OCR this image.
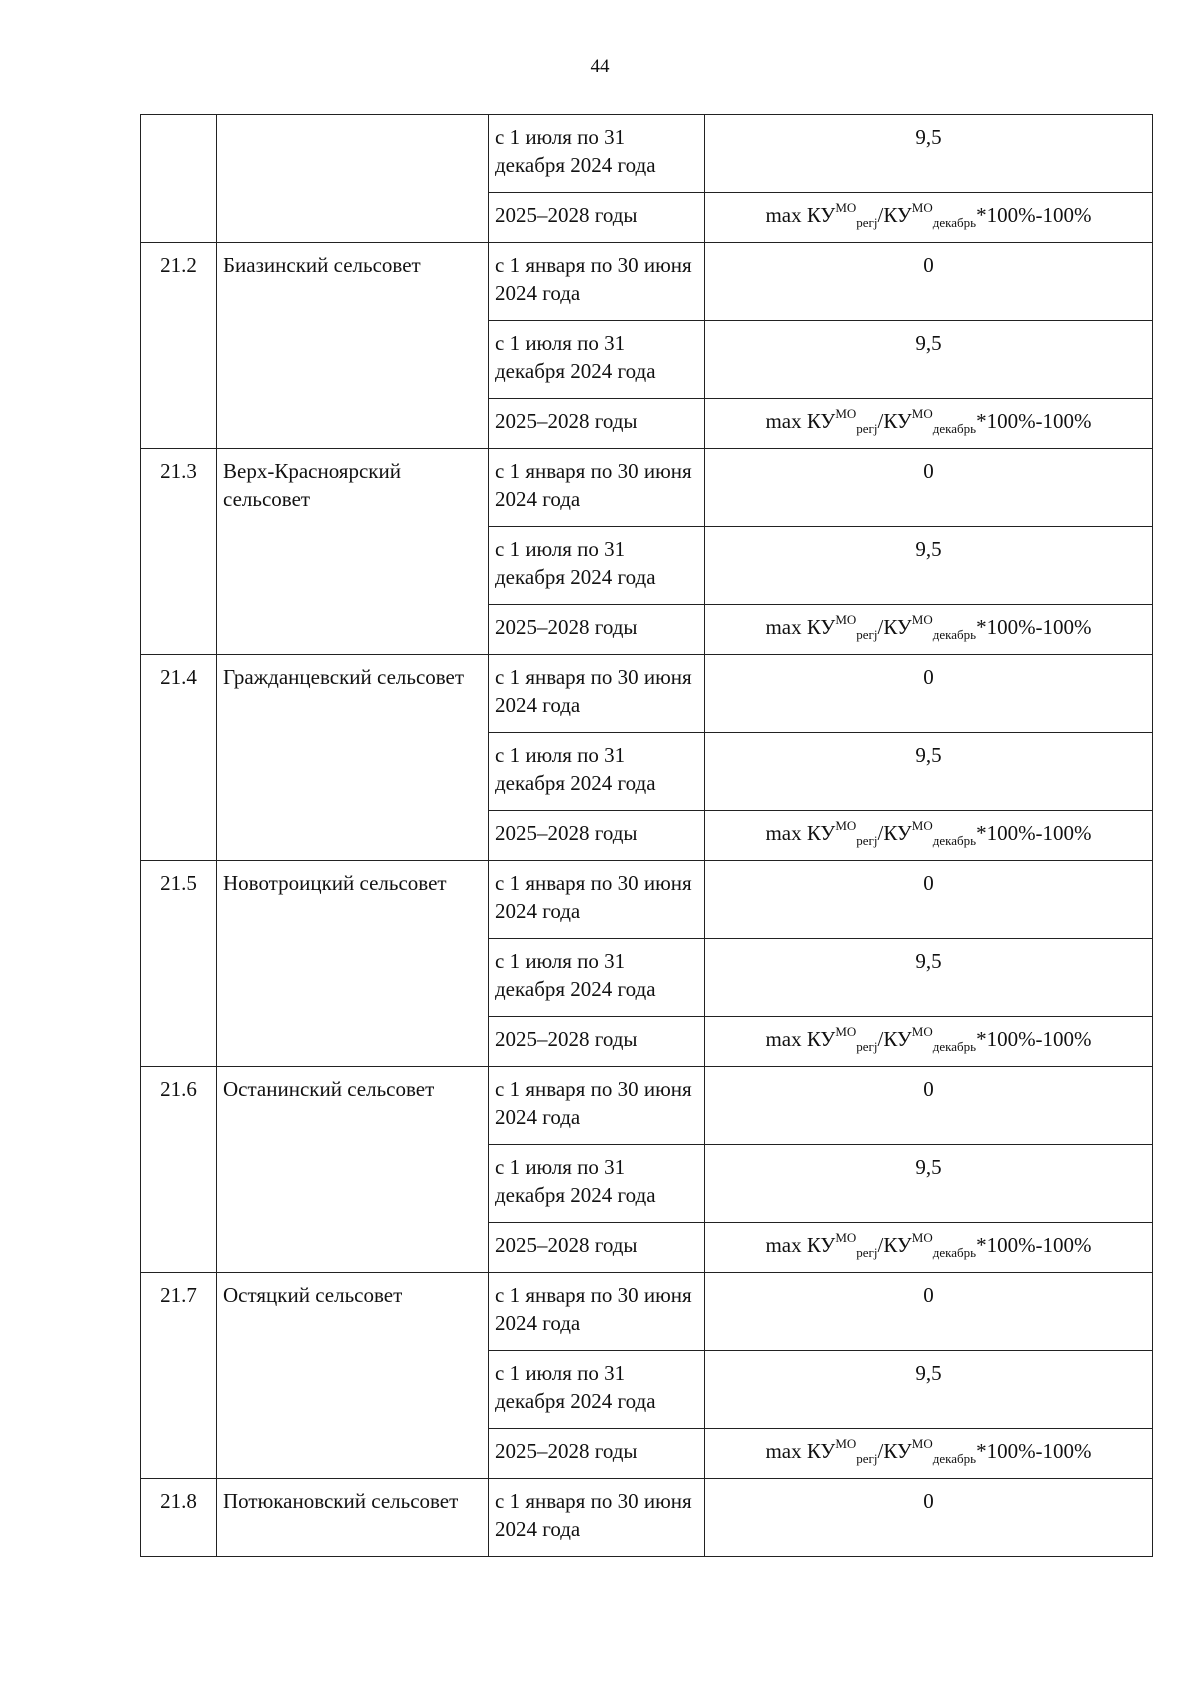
44
		с 1 июля по 31 декабря 2024 года	9,5
		2025–2028 годы	$\max КУ^{МО}_{регj}/КУ^{МО}_{декабрь}*100\%-100\%$
21.2	Биазинский сельсовет	с 1 января по 30 июня 2024 года	0
		с 1 июля по 31 декабря 2024 года	9,5
		2025–2028 годы	$\max КУ^{МО}_{регj}/КУ^{МО}_{декабрь}*100\%-100\%$
21.3	Верх-Красноярский сельсовет	с 1 января по 30 июня 2024 года	0
		с 1 июля по 31 декабря 2024 года	9,5
		2025–2028 годы	$\max КУ^{МО}_{регj}/КУ^{МО}_{декабрь}*100\%-100\%$
21.4	Гражданцевский сельсовет	с 1 января по 30 июня 2024 года	0
		с 1 июля по 31 декабря 2024 года	9,5
		2025–2028 годы	$\max КУ^{МО}_{регj}/КУ^{МО}_{декабрь}*100\%-100\%$
21.5	Новотроицкий сельсовет	с 1 января по 30 июня 2024 года	0
		с 1 июля по 31 декабря 2024 года	9,5
		2025–2028 годы	$\max КУ^{МО}_{регj}/КУ^{МО}_{декабрь}*100\%-100\%$
21.6	Останинский сельсовет	с 1 января по 30 июня 2024 года	0
		с 1 июля по 31 декабря 2024 года	9,5
		2025–2028 годы	$\max КУ^{МО}_{регj}/КУ^{МО}_{декабрь}*100\%-100\%$
21.7	Остяцкий сельсовет	с 1 января по 30 июня 2024 года	0
		с 1 июля по 31 декабря 2024 года	9,5
		2025–2028 годы	$\max КУ^{МО}_{регj}/КУ^{МО}_{декабрь}*100\%-100\%$
21.8	Потюкановский сельсовет	с 1 января по 30 июня 2024 года	0
